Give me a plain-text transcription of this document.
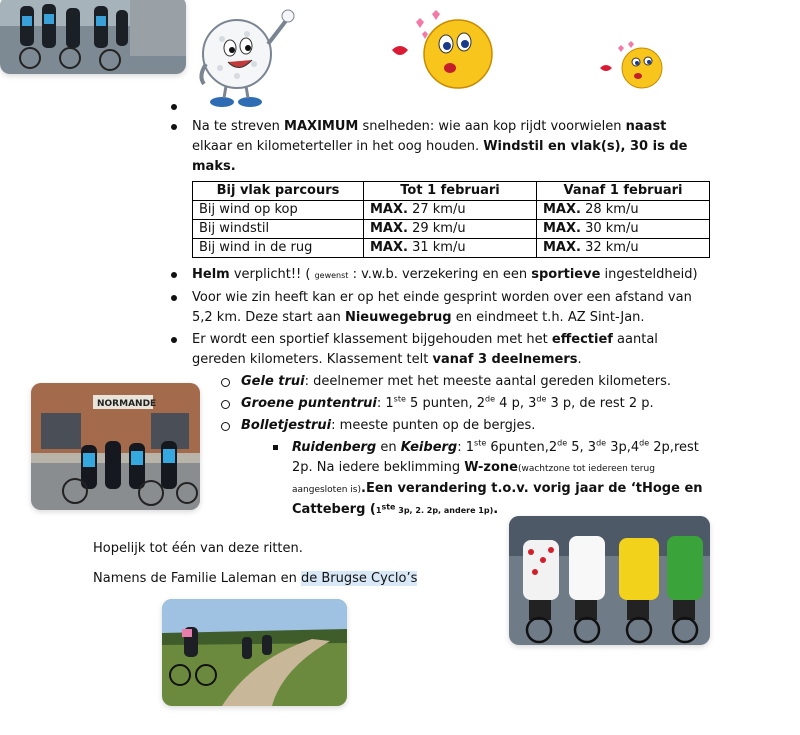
NORMANDE
Na te streven MAXIMUM snelheden: wie aan kop rijdt voorwielen naast
elkaar en kilometerteller in het oog houden. Windstil en vlak(s), 30 is de
maks.
Bij vlak parcours	Tot 1 februari	Vanaf 1 februari
Bij wind op kop	MAX. 27 km/u	MAX. 28 km/u
Bij windstil	MAX. 29 km/u	MAX. 30 km/u
Bij wind in de rug	MAX. 31 km/u	MAX. 32 km/u
Helm verplicht!! ( gewenst : v.w.b. verzekering en een sportieve ingesteldheid)
Voor wie zin heeft kan er op het einde gesprint worden over een afstand van
5,2 km. Deze start aan Nieuwegebrug en eindmeet t.h. AZ Sint-Jan.
Er wordt een sportief klassement bijgehouden met het effectief aantal
gereden kilometers. Klassement telt vanaf 3 deelnemers.
Gele trui: deelnemer met het meeste aantal gereden kilometers.
Groene puntentrui: 1ste 5 punten, 2de 4 p, 3de 3 p, de rest 2 p.
Bolletjestrui: meeste punten op de bergjes.
Ruidenberg en Keiberg: 1ste 6punten,2de 5, 3de 3p,4de 2p,rest
2p. Na iedere beklimming W-zone(wachtzone tot iedereen terug
aangesloten is).Een verandering t.o.v. vorig jaar de ‘tHoge en
Catteberg (1ste 3p, 2. 2p, andere 1p).
Hopelijk tot één van deze ritten.
Namens de Familie Laleman en de Brugse Cyclo’s
